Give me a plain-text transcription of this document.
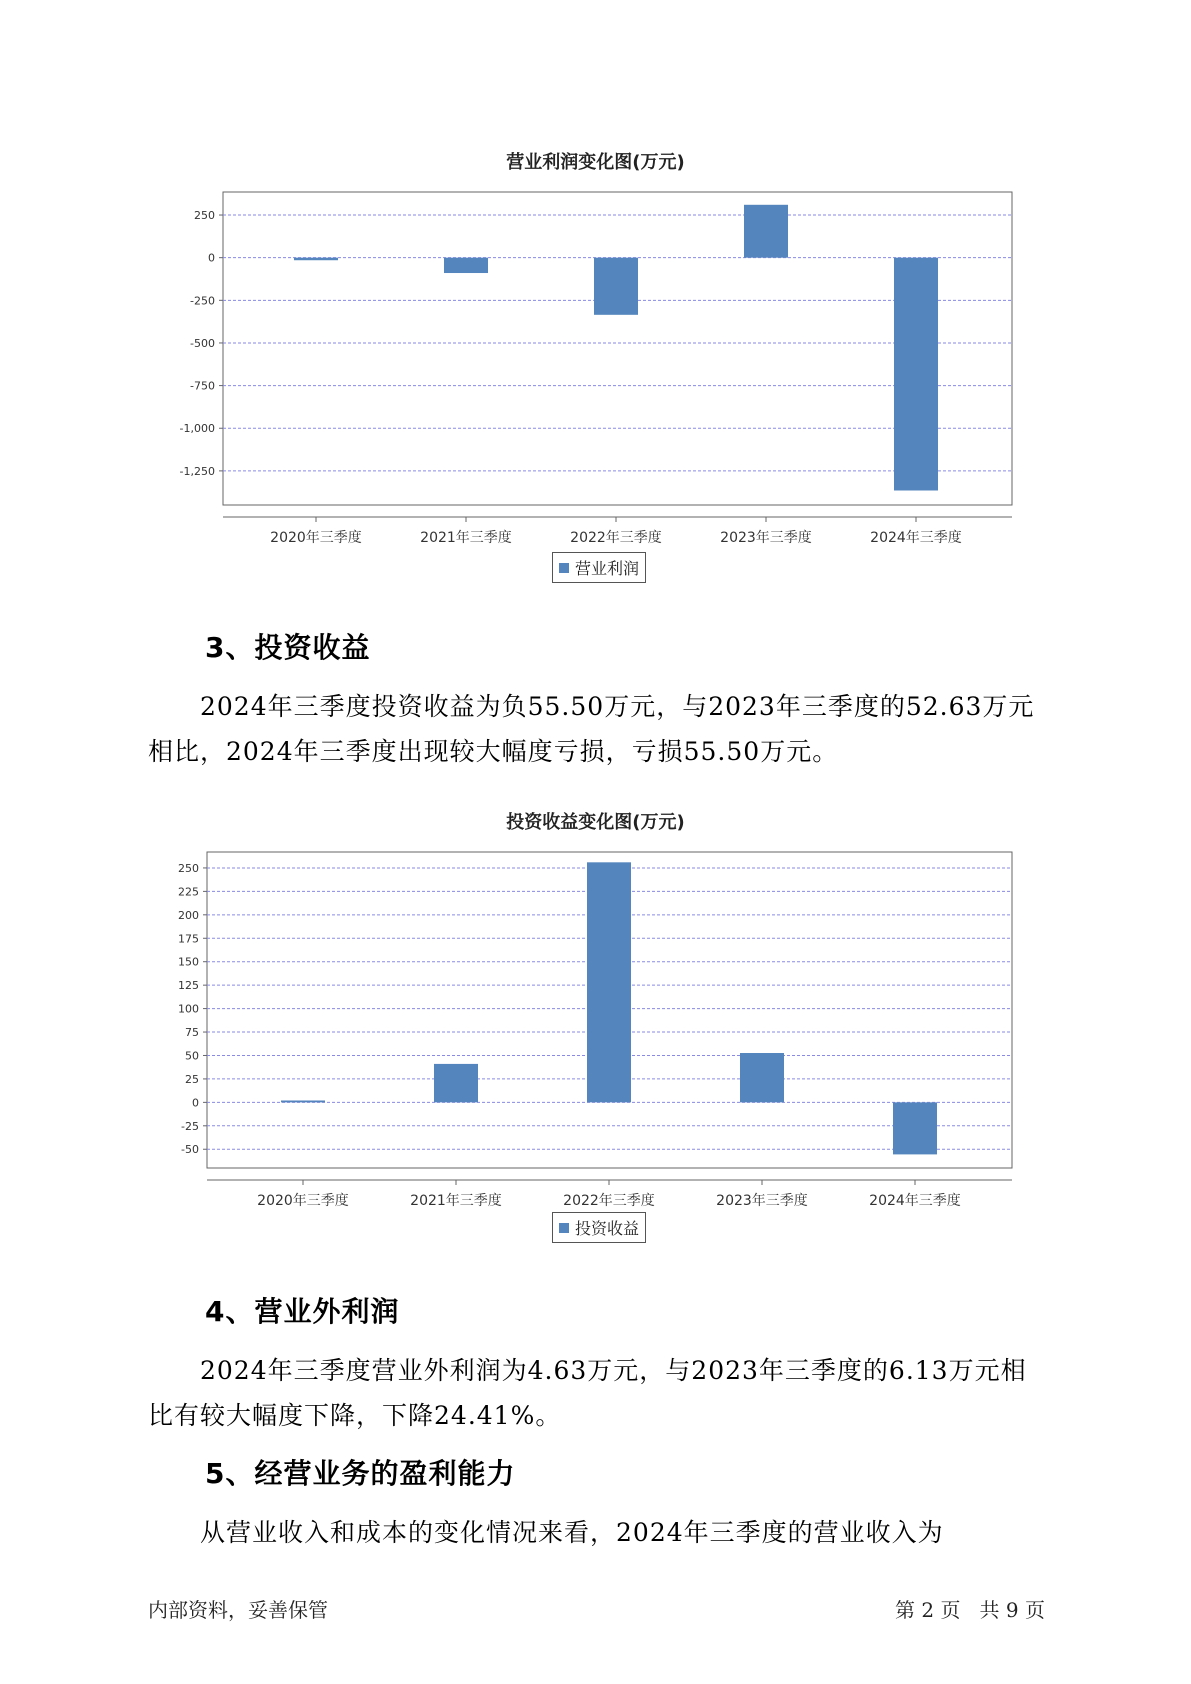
营业利润变化图(万元)
250
0
-250
-500
-750
-1,000
-1,250
2020年三季度	2021年三季度	2022年三季度	2023年三季度	2024年三季度
营业利润
3、投资收益

2024年三季度投资收益为负55.50万元，与2023年三季度的52.63万元

相比，2024年三季度出现较大幅度亏损，亏损55.50万元。

投资收益变化图(万元)
250
225
200
175
150
125
100
75
50
25
0
-25
-50
2020年三季度	2021年三季度	2022年三季度	2023年三季度	2024年三季度
投资收益
4、营业外利润

2024年三季度营业外利润为4.63万元，与2023年三季度的6.13万元相

比有较大幅度下降，下降24.41%。

5、经营业务的盈利能力

从营业收入和成本的变化情况来看，2024年三季度的营业收入为

内部资料，妥善保管	第 2 页   共 9 页
